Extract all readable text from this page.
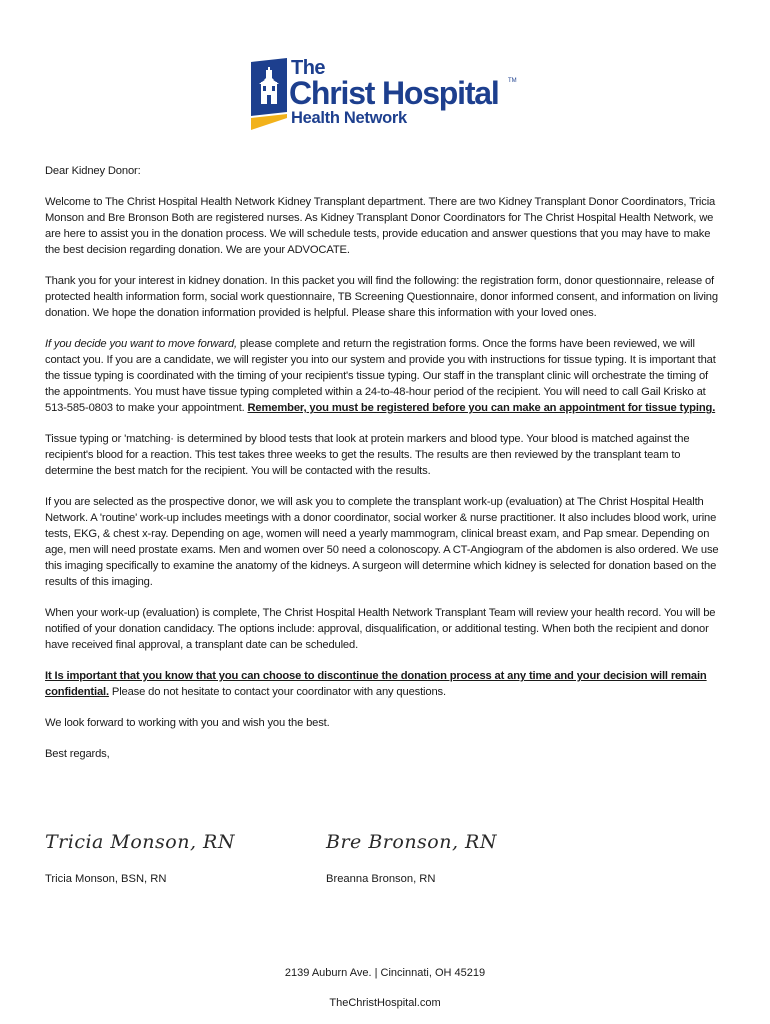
The
Christ Hospital TM
Health Network

Dear Kidney Donor:

Welcome to The Christ Hospital Health Network Kidney Transplant department. There are two Kidney Transplant Donor Coordinators, Tricia Monson and Bre Bronson Both are registered nurses. As Kidney Transplant Donor Coordinators for The Christ Hospital Health Network, we are here to assist you in the donation process. We will schedule tests, provide education and answer questions that you may have to make the best decision regarding donation. We are your ADVOCATE.

Thank you for your interest in kidney donation. In this packet you will find the following: the registration form, donor questionnaire, release of protected health information form, social work questionnaire, TB Screening Questionnaire, donor informed consent, and information on living donation. We hope the donation information provided is helpful. Please share this information with your loved ones.

If you decide you want to move forward, please complete and return the registration forms. Once the forms have been reviewed, we will contact you. If you are a candidate, we will register you into our system and provide you with instructions for tissue typing. It is important that the tissue typing is coordinated with the timing of your recipient's tissue typing. Our staff in the transplant clinic will orchestrate the timing of the appointments. You must have tissue typing completed within a 24-to-48-hour period of the recipient. You will need to call Gail Krisko at 513-585-0803 to make your appointment. Remember, you must be registered before you can make an appointment for tissue typing.

Tissue typing or 'matching· is determined by blood tests that look at protein markers and blood type. Your blood is matched against the recipient's blood for a reaction. This test takes three weeks to get the results. The results are then reviewed by the transplant team to determine the best match for the recipient. You will be contacted with the results.

If you are selected as the prospective donor, we will ask you to complete the transplant work-up (evaluation) at The Christ Hospital Health Network. A 'routine' work-up includes meetings with a donor coordinator, social worker & nurse practitioner. It also includes blood work, urine tests, EKG, & chest x-ray. Depending on age, women will need a yearly mammogram, clinical breast exam, and Pap smear. Depending on age, men will need prostate exams. Men and women over 50 need a colonoscopy. A CT-Angiogram of the abdomen is also ordered. We use this imaging specifically to examine the anatomy of the kidneys. A surgeon will determine which kidney is selected for donation based on the results of this imaging.

When your work-up (evaluation) is complete, The Christ Hospital Health Network Transplant Team will review your health record. You will be notified of your donation candidacy. The options include: approval, disqualification, or additional testing. When both the recipient and donor have received final approval, a transplant date can be scheduled.

It Is important that you know that you can choose to discontinue the donation process at any time and your decision will remain confidential. Please do not hesitate to contact your coordinator with any questions.

We look forward to working with you and wish you the best.

Best regards,

Tricia Monson, RN	Bre Bronson, RN
Tricia Monson, BSN, RN	Breanna Bronson, RN
2139 Auburn Ave. | Cincinnati, OH 45219
TheChristHospital.com
